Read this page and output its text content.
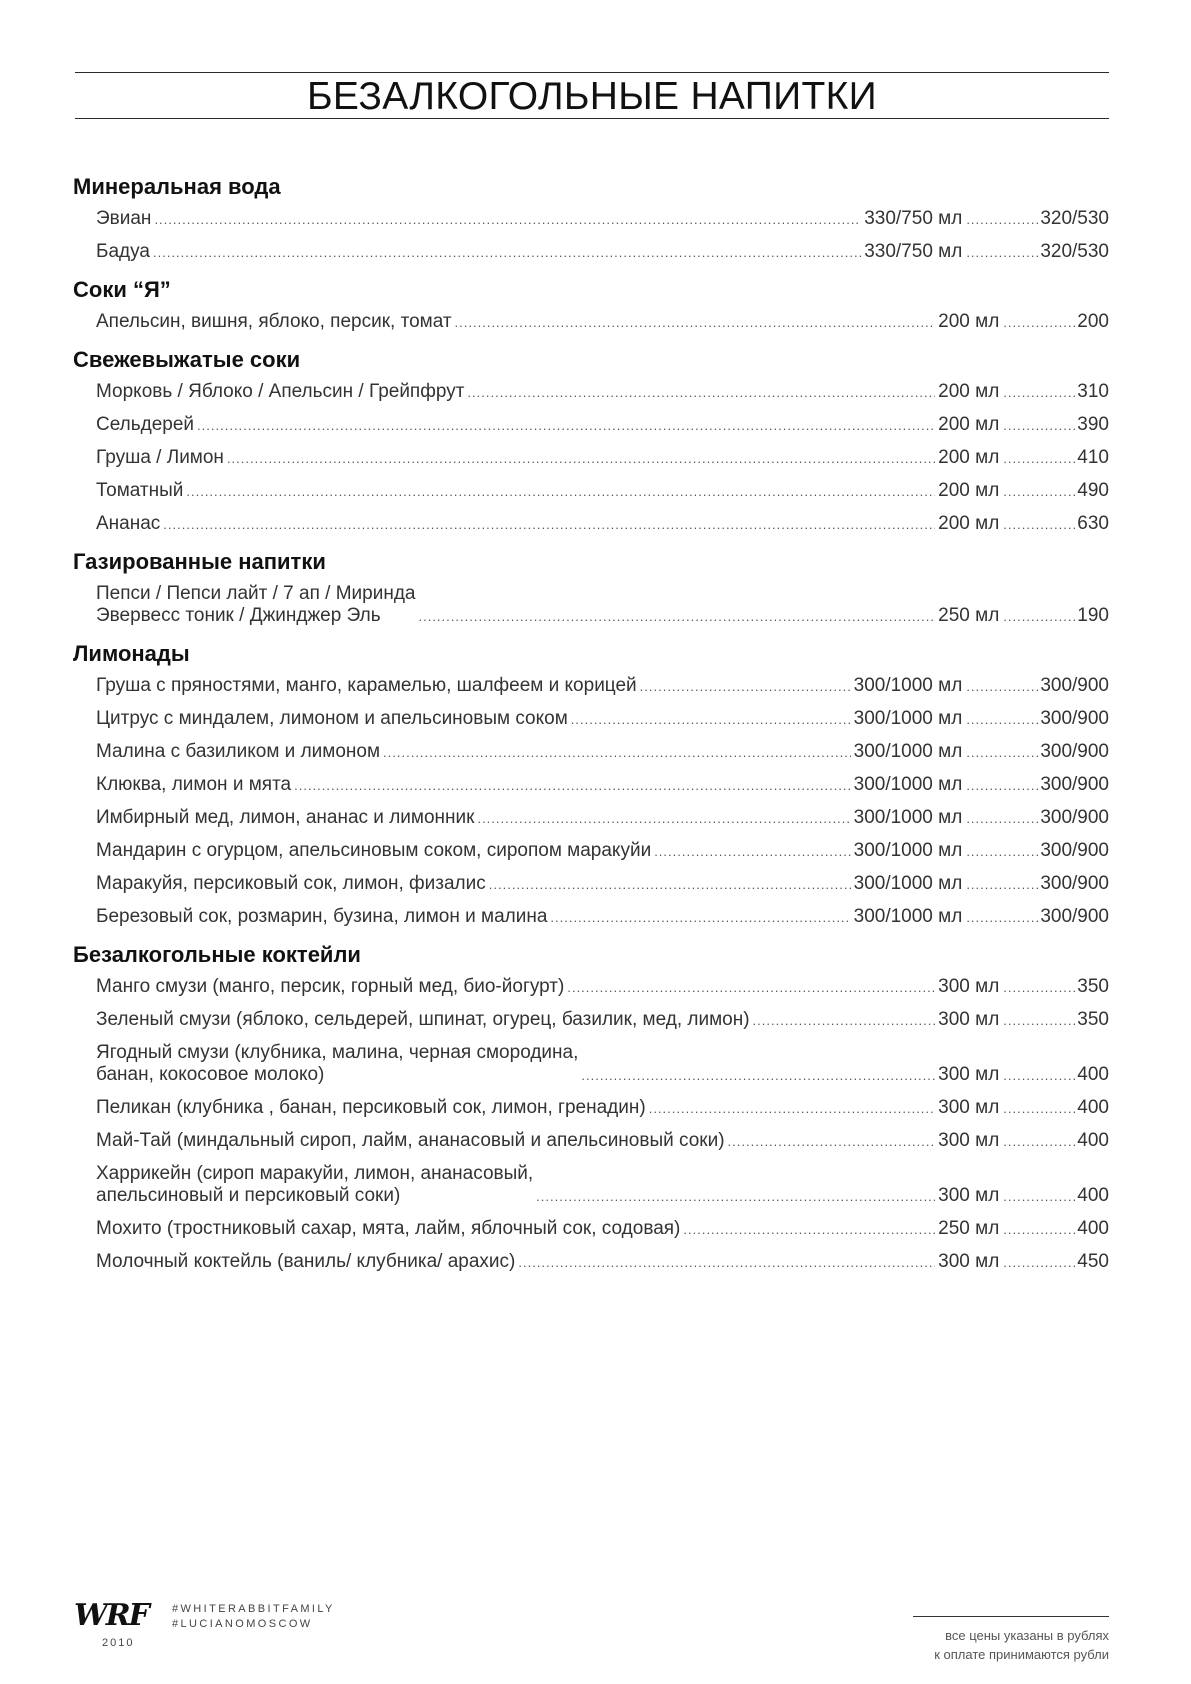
БЕЗАЛКОГОЛЬНЫЕ НАПИТКИ
Минеральная вода
Эвиан .....	330/750 мл .....	320/530
Бадуа .....	330/750 мл .....	320/530
Соки “Я”
Апельсин, вишня, яблоко, персик, томат .....	200 мл .....	200
Свежевыжатые соки
Морковь / Яблоко / Апельсин / Грейпфрут .....	200 мл .....	310
Сельдерей .....	200 мл .....	390
Груша / Лимон .....	200 мл .....	410
Томатный .....	200 мл .....	490
Ананас .....	200 мл .....	630
Газированные напитки
Пепси / Пепси лайт / 7 ап / Миринда
Эвервесс тоник / Джинджер Эль .....	250 мл .....	190
Лимонады
Груша с пряностями, манго, карамелью, шалфеем и корицей .....	300/1000 мл .....	300/900
Цитрус с миндалем, лимоном и апельсиновым соком .....	300/1000 мл .....	300/900
Малина с базиликом и лимоном .....	300/1000 мл .....	300/900
Клюква, лимон и мята .....	300/1000 мл .....	300/900
Имбирный мед, лимон, ананас и лимонник .....	300/1000 мл .....	300/900
Мандарин с огурцом, апельсиновым соком, сиропом маракуйи .....	300/1000 мл .....	300/900
Маракуйя, персиковый сок, лимон, физалис .....	300/1000 мл .....	300/900
Березовый сок, розмарин, бузина, лимон и малина .....	300/1000 мл .....	300/900
Безалкогольные коктейли
Манго смузи (манго, персик, горный мед, био-йогурт) .....	300 мл .....	350
Зеленый смузи (яблоко, сельдерей, шпинат, огурец, базилик, мед, лимон) .....	300 мл .....	350
Ягодный смузи (клубника, малина, черная смородина,
банан, кокосовое молоко) .....	300 мл .....	400
Пеликан (клубника , банан, персиковый сок, лимон, гренадин) .....	300 мл .....	400
Май-Тай (миндальный сироп, лайм, ананасовый и апельсиновый соки) .....	300 мл .....	400
Харрикейн (сироп маракуйи, лимон, ананасовый,
апельсиновый и персиковый соки) .....	300 мл .....	400
Мохито (тростниковый сахар, мята, лайм, яблочный сок, содовая) .....	250 мл .....	400
Молочный коктейль (ваниль/ клубника/ арахис) .....	300 мл .....	450
WRF
2010
#WHITERABBITFAMILY
#LUCIANOMOSCOW
все цены указаны в рублях
к оплате принимаются рубли
